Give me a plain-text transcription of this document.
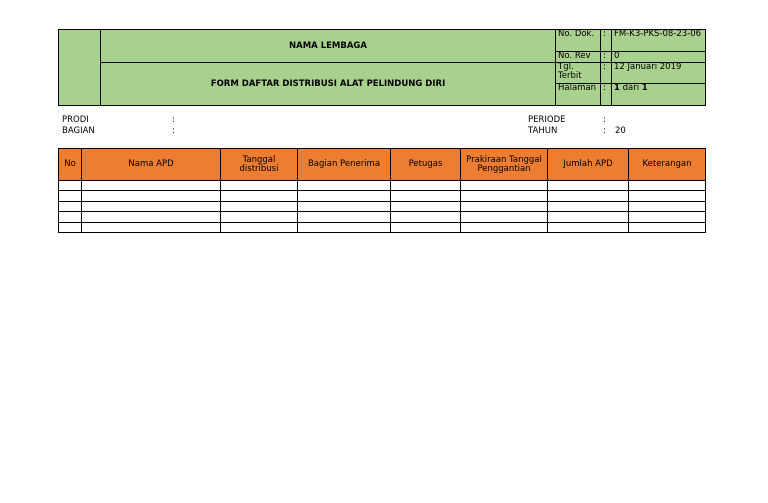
	NAMA LEMBAGA	No. Dok.	:	FM-K3-PKS-08-23-06
		No. Rev	:	0
	FORM DAFTAR DISTRIBUSI ALAT PELINDUNG DIRI	Tgl. Terbit	:	12 Januari 2019
		Halaman	:	1 dari 1
PRODI	:
BAGIAN	:
PERIODE	:
TAHUN	: 20
No	Nama APD	Tanggal distribusi	Bagian Penerima	Petugas	Prakiraan Tanggal Penggantian	Jumlah APD	Keterangan
